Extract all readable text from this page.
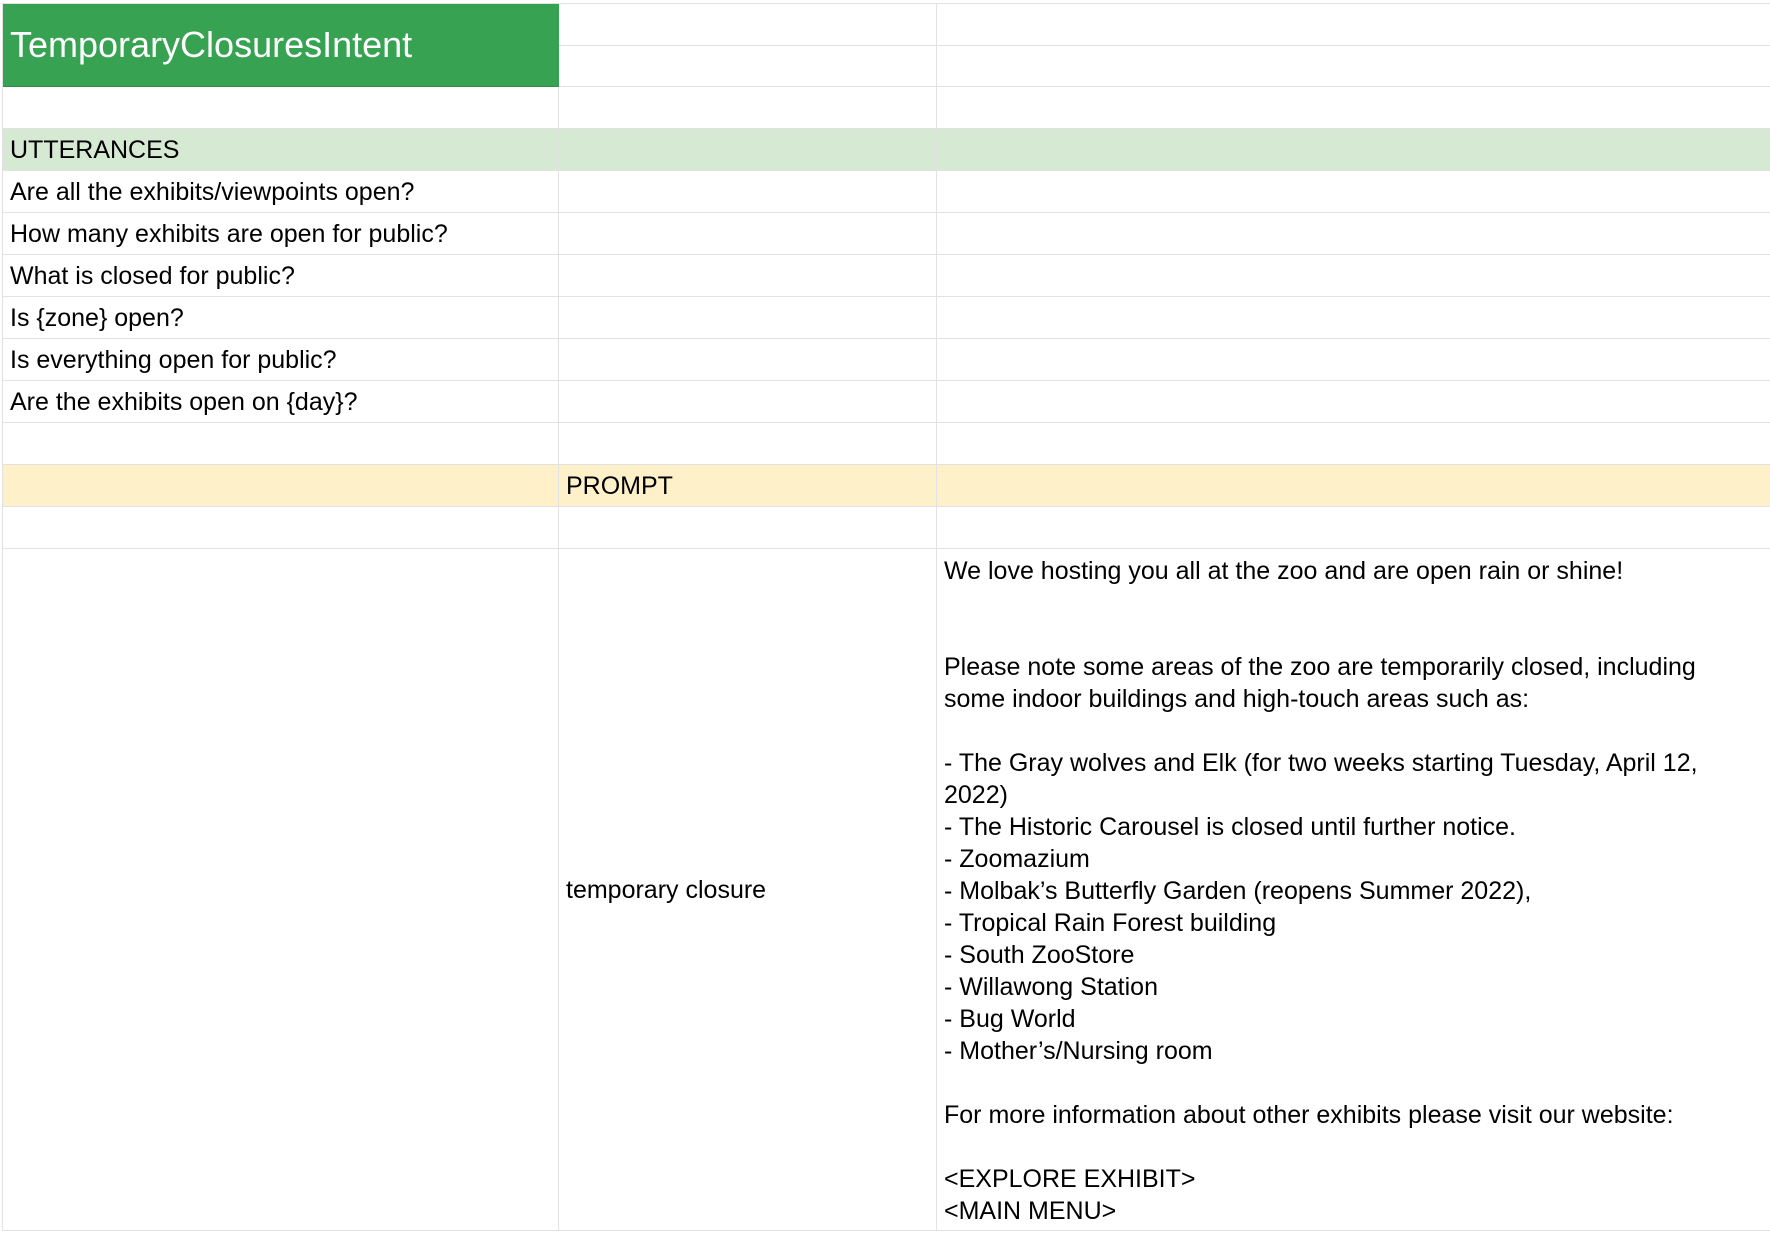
TemporaryClosuresIntent
UTTERANCES
Are all the exhibits/viewpoints open?
How many exhibits are open for public?
What is closed for public?
Is {zone} open?
Is everything open for public?
Are the exhibits open on {day}?
PROMPT
temporary closure

We love hosting you all at the zoo and are open rain or shine!

Please note some areas of the zoo are temporarily closed, including some indoor buildings and high-touch areas such as:

- The Gray wolves and Elk (for two weeks starting Tuesday, April 12, 2022)

- The Historic Carousel is closed until further notice.

- Zoomazium

- Molbak’s Butterfly Garden (reopens Summer 2022),

- Tropical Rain Forest building

- South ZooStore

- Willawong Station

- Bug World

- Mother’s/Nursing room

For more information about other exhibits please visit our website:

<EXPLORE EXHIBIT>

<MAIN MENU>
